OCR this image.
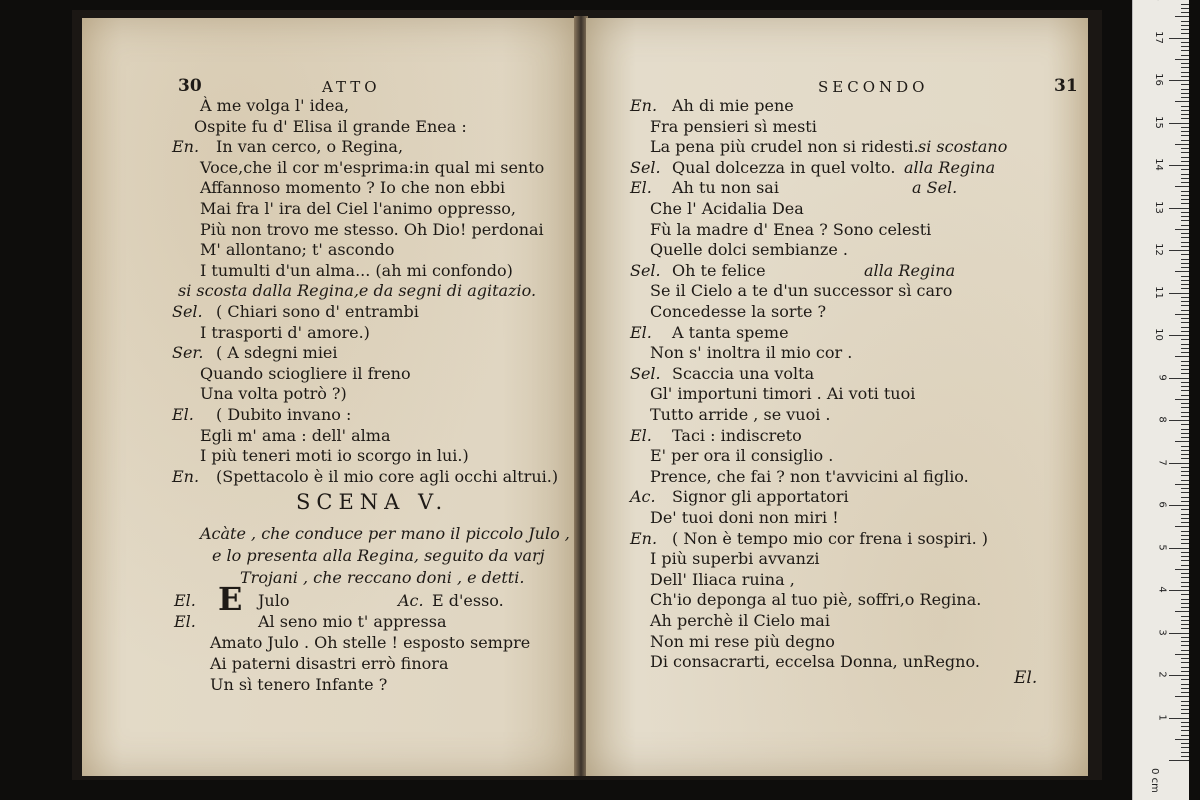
30	ATTO
À me volga l' idea,
Ospite fu d' Elisa il grande Enea :
In van cerco, o Regina,
En.
Voce,che il cor m'esprima:in qual mi sento
Affannoso momento ? Io che non ebbi
Mai fra l' ira del Ciel l'animo oppresso,
Più non trovo me stesso. Oh Dio! perdonai
M' allontano; t' ascondo
I tumulti d'un alma... (ah mi confondo)
si scosta dalla Regina,e da segni di agitazio.
( Chiari sono d' entrambi
Sel.
I trasporti d' amore.)
( A sdegni miei
Ser.
Quando sciogliere il freno
Una volta potrò ?)
( Dubito invano :
El.
Egli m' ama : dell' alma
I più teneri moti io scorgo in lui.)
(Spettacolo è il mio core agli occhi altrui.)
En.
SCENA V.
Acàte , che conduce per mano il piccolo Julo ,
e lo presenta alla Regina, seguito da varj
Trojani , che reccano doni , e detti.
El.
El.
E Julo	Ac. E d'esso.
Al seno mio t' appressa
Amato Julo . Oh stelle ! esposto sempre
Ai paterni disastri errò finora
Un sì tenero Infante ?
SECONDO	31
En. Ah di mie pene
Fra pensieri sì mesti
La pena più crudel non si ridesti. si scostano
Sel. Qual dolcezza in quel volto. alla Regina
El. Ah tu non sai	a Sel.
Che l' Acidalia Dea
Fù la madre d' Enea ? Sono celesti
Quelle dolci sembianze .
Sel. Oh te felice	alla Regina
Se il Cielo a te d'un successor sì caro
Concedesse la sorte ?
El. A tanta speme
Non s' inoltra il mio cor .
Sel. Scaccia una volta
Gl' importuni timori . Ai voti tuoi
Tutto arride , se vuoi .
El. Taci : indiscreto
E' per ora il consiglio .
Prence, che fai ? non t'avvicini al figlio.
Ac. Signor gli apportatori
De' tuoi doni non miri !
En. ( Non è tempo mio cor frena i sospiri. )
I più superbi avvanzi
Dell' Iliaca ruina ,
Ch'io deponga al tuo piè, soffri,o Regina.
Ah perchè il Cielo mai
Non mi rese più degno
Di consacrarti, eccelsa Donna, unRegno.
El.
0 cm
1
2
3
4
5
6
7
8
9
10
11
12
13
14
15
16
17
